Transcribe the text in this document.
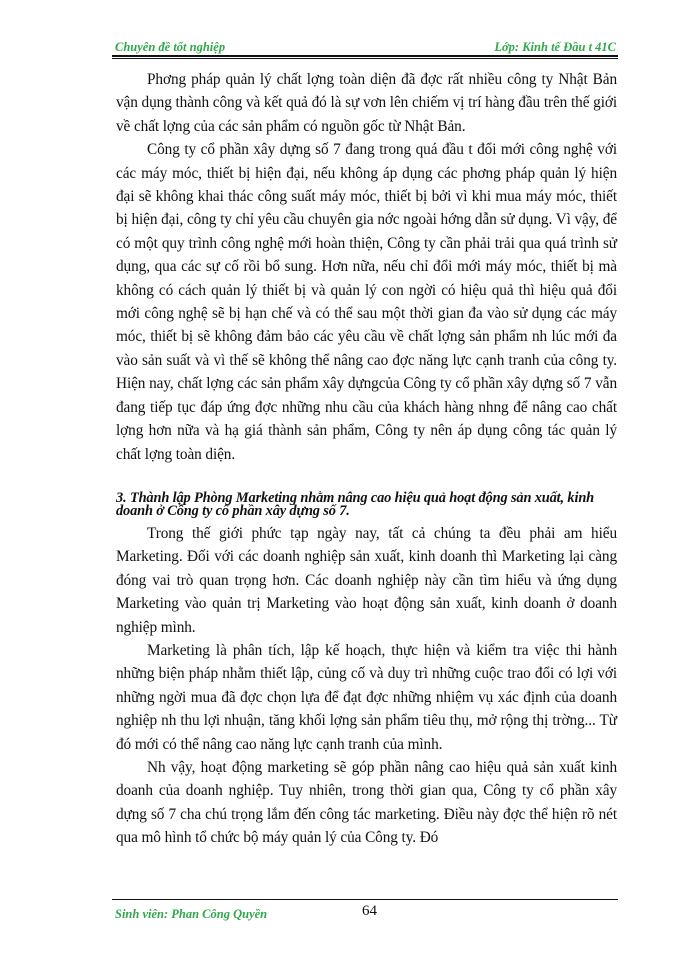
Chuyên đề tốt nghiệp	Lớp: Kinh tế Đầu t 41C

Phơng pháp quản lý chất lợng toàn diện đã đợc rất nhiều công ty Nhật Bản vận dụng thành công và kết quả đó là sự vơn lên chiếm vị trí hàng đầu trên thế giới về chất lợng của các sản phẩm có nguồn gốc từ Nhật Bản.

Công ty cổ phần xây dựng số 7 đang trong quá đầu t đổi mới công nghệ với các máy móc, thiết bị hiện đại, nếu không áp dụng các phơng pháp quản lý hiện đại sẽ không khai thác công suất máy móc, thiết bị bởi vì khi mua máy móc, thiết bị hiện đại, công ty chỉ yêu cầu chuyên gia nớc ngoài hớng dẫn sử dụng. Vì vậy, để có một quy trình công nghệ mới hoàn thiện, Công ty cần phải trải qua quá trình sử dụng, qua các sự cố rồi bổ sung. Hơn nữa, nếu chỉ đổi mới máy móc, thiết bị mà không có cách quản lý thiết bị và quản lý con ngời có hiệu quả thì hiệu quả đổi mới công nghệ sẽ bị hạn chế và có thể sau một thời gian đa vào sử dụng các máy móc, thiết bị sẽ không đảm bảo các yêu cầu về chất lợng sản phẩm nh lúc mới đa vào sản suất và vì thế sẽ không thể nâng cao đợc năng lực cạnh tranh của công ty. Hiện nay, chất lợng các sản phẩm xây dựngcủa Công ty cổ phần xây dựng số 7 vẫn đang tiếp tục đáp ứng đợc những nhu cầu của khách hàng nhng để nâng cao chất lợng hơn nữa và hạ giá thành sản phẩm, Công ty nên áp dụng công tác quản lý chất lợng toàn diện.

3. Thành lập Phòng Marketing nhằm nâng cao hiệu quả hoạt động sản xuất, kinh doanh ở Công ty cổ phần xây dựng số 7.

Trong thế giới phức tạp ngày nay, tất cả chúng ta đều phải am hiểu Marketing. Đối với các doanh nghiệp sản xuất, kinh doanh thì Marketing lại càng đóng vai trò quan trọng hơn. Các doanh nghiệp này cần tìm hiểu và ứng dụng Marketing vào quản trị Marketing vào hoạt động sản xuất, kinh doanh ở doanh nghiệp mình.

Marketing là phân tích, lập kế hoạch, thực hiện và kiểm tra việc thi hành những biện pháp nhằm thiết lập, củng cố và duy trì những cuộc trao đổi có lợi với những ngời mua đã đợc chọn lựa để đạt đợc những nhiệm vụ xác định của doanh nghiệp nh thu lợi nhuận, tăng khối lợng sản phẩm tiêu thụ, mở rộng thị trờng... Từ đó mới có thể nâng cao năng lực cạnh tranh của mình.

Nh vậy, hoạt động marketing sẽ góp phần nâng cao hiệu quả sản xuất kinh doanh của doanh nghiệp. Tuy nhiên, trong thời gian qua, Công ty cổ phần xây dựng số 7 cha chú trọng lắm đến công tác marketing. Điều này đợc thể hiện rõ nét qua mô hình tổ chức bộ máy quản lý của Công ty. Đó

Sinh viên: Phan Công Quyền	64
